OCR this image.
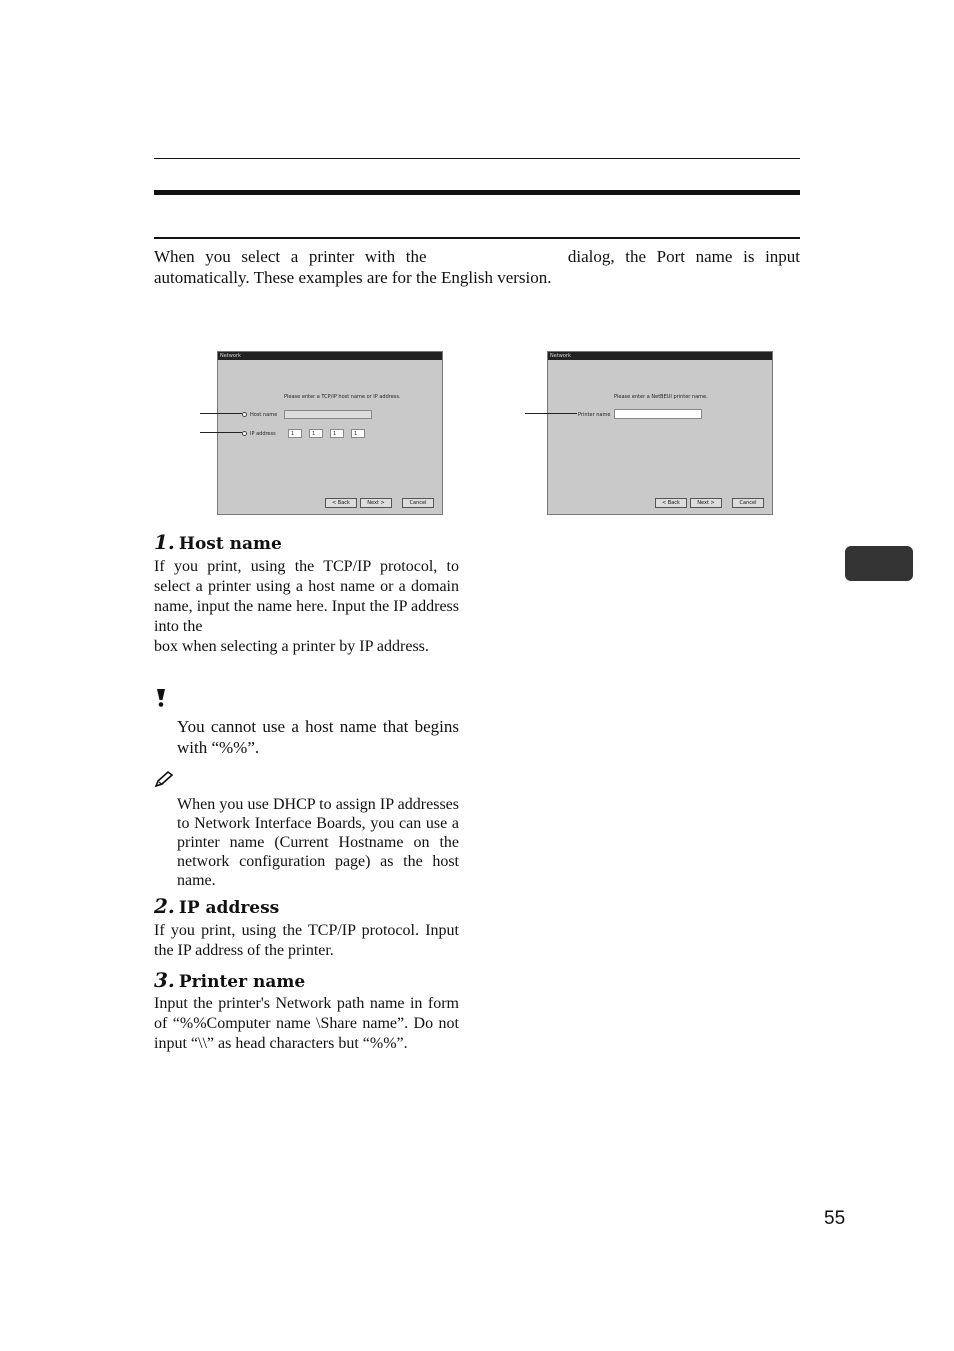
When you select a printer with the	dialog, the Port name is input automatically. These examples are for the English version.
Network
Please enter a TCP/IP host name or IP address.
Host name
IP address	1	1	1	1
< Back	Next >	Cancel
Network
Please enter a NetBEUI printer name.
Printer name
< Back	Next >	Cancel
1. Host name
If you print, using the TCP/IP protocol, to select a printer using a host name or a domain name, input the name here. Input the IP address into the
box when selecting a printer by IP address.
You cannot use a host name that begins with “%%”.
When you use DHCP to assign IP addresses to Network Interface Boards, you can use a printer name (Current Hostname on the network configuration page) as the host name.
2. IP address
If you print, using the TCP/IP protocol. Input the IP address of the printer.
3. Printer name
Input the printer's Network path name in form of “%%Computer name \Share name”. Do not input “\\” as head characters but “%%”.
55
